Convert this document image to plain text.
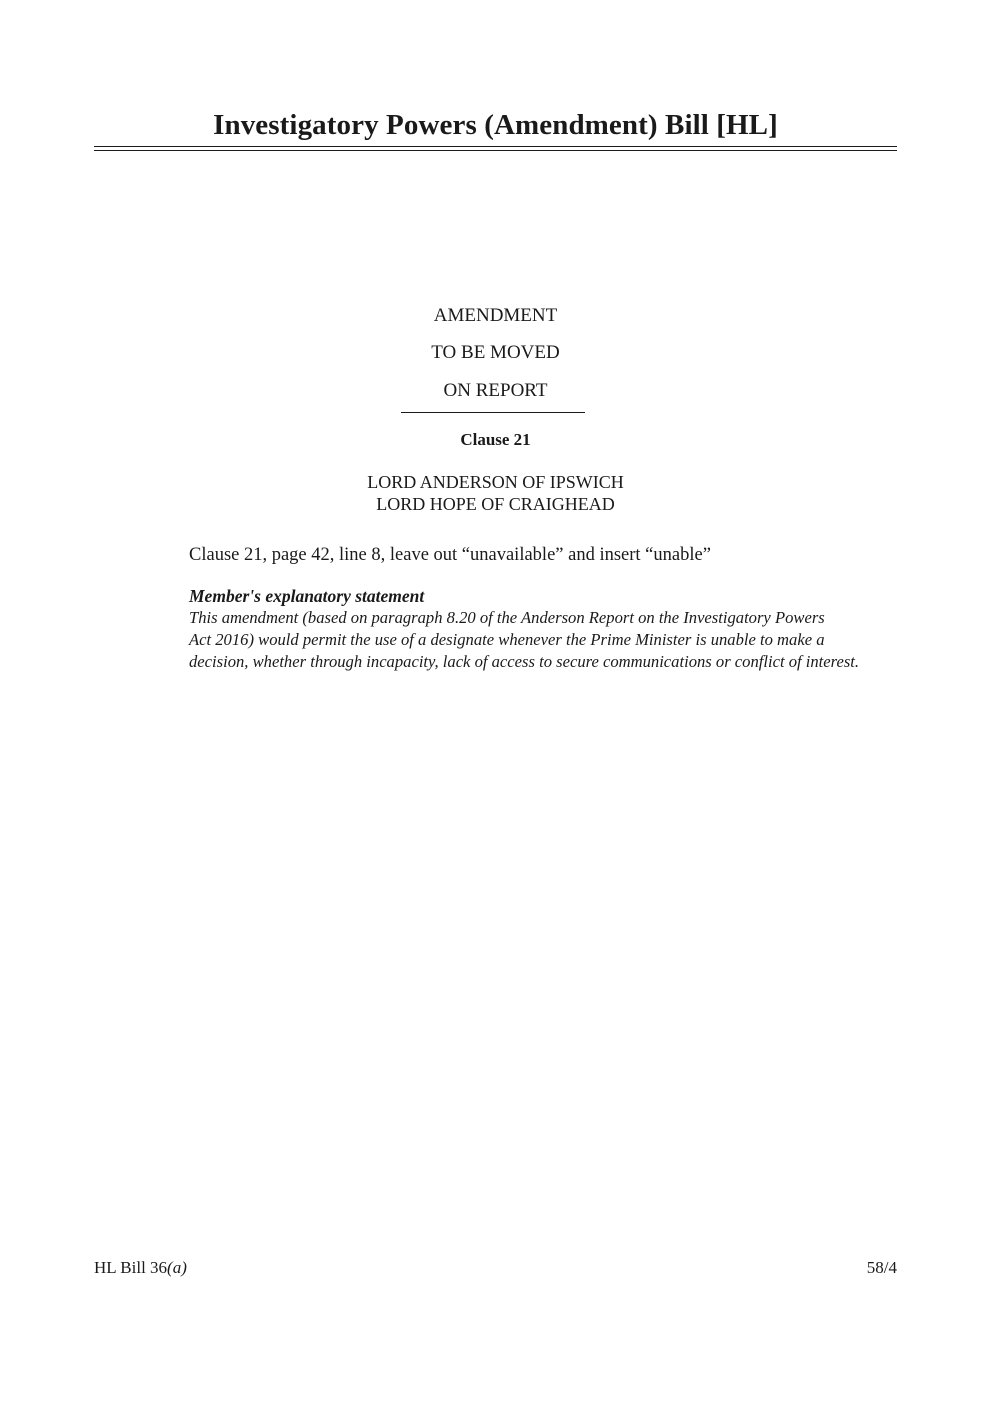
Investigatory Powers (Amendment) Bill [HL]
AMENDMENT
TO BE MOVED
ON REPORT
Clause 21
LORD ANDERSON OF IPSWICH
LORD HOPE OF CRAIGHEAD
Clause 21, page 42, line 8, leave out “unavailable” and insert “unable”
Member's explanatory statement
This amendment (based on paragraph 8.20 of the Anderson Report on the Investigatory Powers
Act 2016) would permit the use of a designate whenever the Prime Minister is unable to make a
decision, whether through incapacity, lack of access to secure communications or conflict of interest.
HL Bill 36(a)	58/4
